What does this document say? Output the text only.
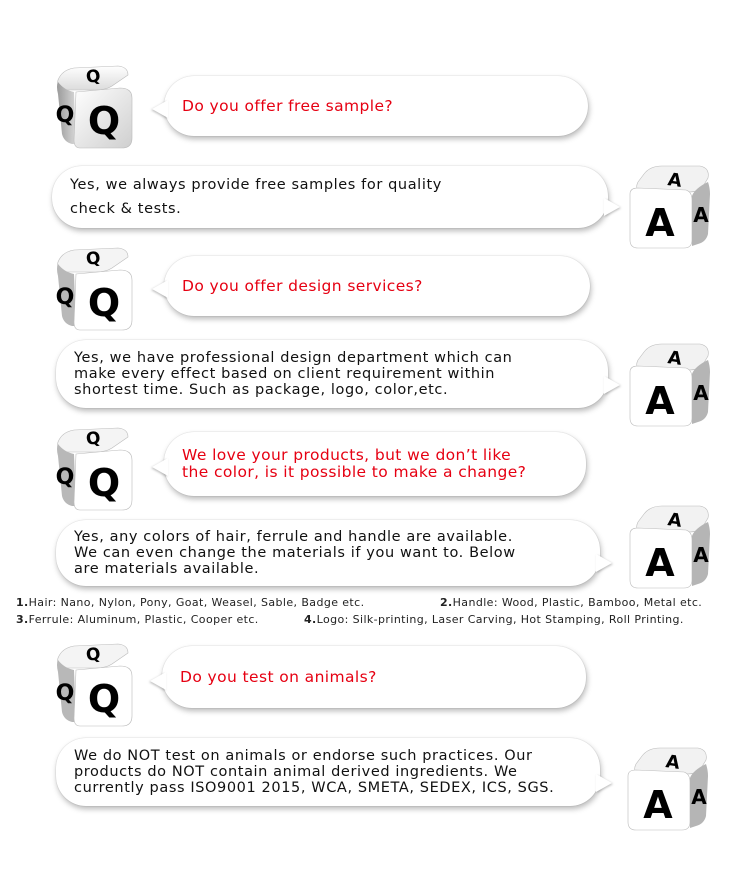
Q
Q Q	Do you offer free sample?
Yes, we always provide free samples for quality
check & tests.
A
A A
Q
Q Q	Do you offer design services?
Yes, we have professional design department which can
make every effect based on client requirement within
shortest time. Such as package, logo, color,etc.
A
A A
Q
Q Q
We love your products, but we don’t like
the color, is it possible to make a change?
Yes, any colors of hair, ferrule and handle are available.
We can even change the materials if you want to. Below
are materials available.
A
A A
1.Hair: Nano, Nylon, Pony, Goat, Weasel, Sable, Badge etc.	2.Handle: Wood, Plastic, Bamboo, Metal etc.
3.Ferrule: Aluminum, Plastic, Cooper etc.	4.Logo: Silk-printing, Laser Carving, Hot Stamping, Roll Printing.
Q
Q Q
Do you test on animals?
We do NOT test on animals or endorse such practices. Our
products do NOT contain animal derived ingredients. We
currently pass ISO9001 2015, WCA, SMETA, SEDEX, ICS, SGS.
A
A A
